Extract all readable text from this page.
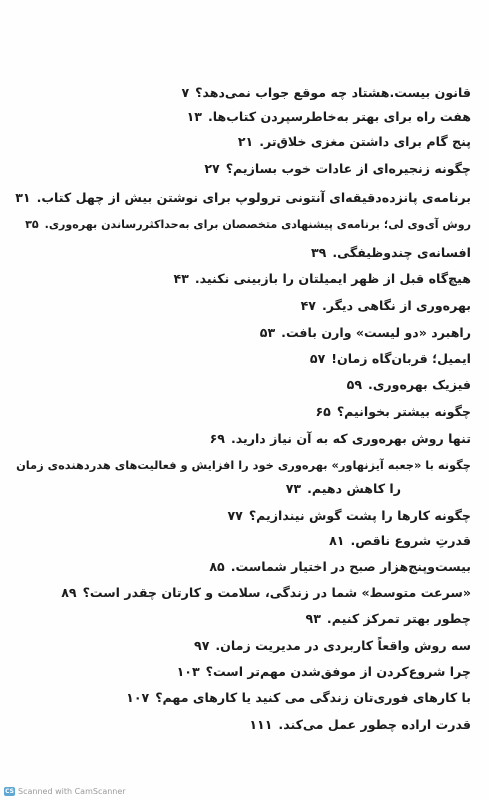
قانون بیست.هشتاد چه موقع جواب نمی‌دهد؟۷
هفت راه برای بهتر به‌خاطرسپردن کتاب‌ها.۱۳
پنج گام برای داشتن مغزی خلاق‌تر.۲۱
چگونه زنجیره‌ای از عادات خوب بسازیم؟۲۷
برنامه‌ی پانزده‌دقیقه‌ای آنتونی ترولوپ برای نوشتن بیش از چهل کتاب.۳۱
روش آی‌وی لی؛ برنامه‌ی پیشنهادی متخصصان برای به‌حداکثررساندن بهره‌وری.۳۵
افسانه‌ی چندوظیفگی.۳۹
هیچ‌گاه قبل از ظهر ایمیلتان را بازبینی نکنید.۴۳
بهره‌وری از نگاهی دیگر.۴۷
راهبرد «دو لیست» وارن بافت.۵۳
ایمیل؛ قربان‌گاه زمان!۵۷
فیزیک بهره‌وری.۵۹
چگونه بیشتر بخوانیم؟۶۵
تنها روش بهره‌وری که به آن نیاز دارید.۶۹
چگونه با «جعبه آیزنهاور» بهره‌وری خود را افزایش و فعالیت‌های هدردهنده‌ی زمان
را کاهش دهیم.۷۳
چگونه کارها را پشت گوش نیندازیم؟۷۷
قدرتِ شروع ناقص.۸۱
بیست‌وپنج‌هزار صبح در اختیار شماست.۸۵
«سرعت متوسط» شما در زندگی، سلامت و کارتان چقدر است؟۸۹
چطور بهتر تمرکز کنیم.۹۳
سه روش واقعاً کاربردی در مدیریت زمان.۹۷
چرا شروع‌کردن از موفق‌شدن مهم‌تر است؟۱۰۳
با کارهای فوری‌تان زندگی می کنید یا کارهای مهم؟۱۰۷
قدرت اراده چطور عمل می‌کند.۱۱۱
CS Scanned with CamScanner
